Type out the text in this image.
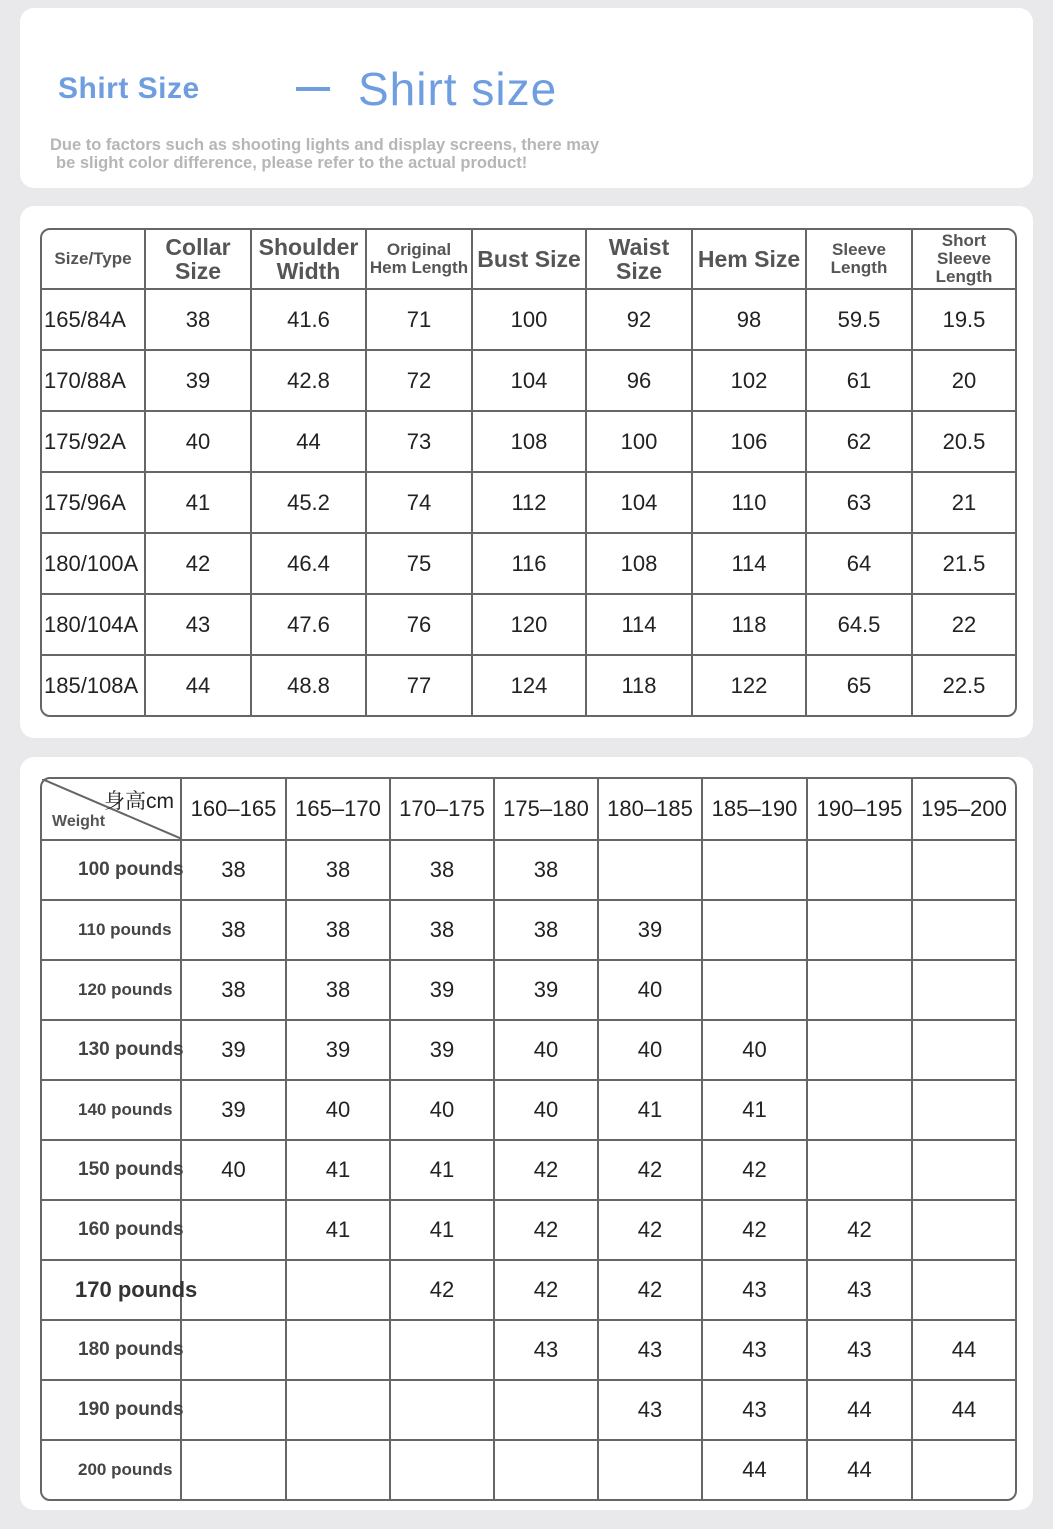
Shirt Size	Shirt size
Due to factors such as shooting lights and display screens, there may
be slight color difference, please refer to the actual product!
Size/Type	Collar Size	Shoulder Width	Original Hem Length	Bust Size	Waist Size	Hem Size	Sleeve Length	Short Sleeve Length
165/84A	38	41.6	71	100	92	98	59.5	19.5
170/88A	39	42.8	72	104	96	102	61	20
175/92A	40	44	73	108	100	106	62	20.5
175/96A	41	45.2	74	112	104	110	63	21
180/100A	42	46.4	75	116	108	114	64	21.5
180/104A	43	47.6	76	120	114	118	64.5	22
185/108A	44	48.8	77	124	118	122	65	22.5
身高cm
Weight	160–165	165–170	170–175	175–180	180–185	185–190	190–195	195–200
100 pounds	38	38	38	38				
110 pounds	38	38	38	38	39			
120 pounds	38	38	39	39	40			
130 pounds	39	39	39	40	40	40		
140 pounds	39	40	40	40	41	41		
150 pounds	40	41	41	42	42	42		
160 pounds		41	41	42	42	42	42	
170 pounds			42	42	42	43	43	
180 pounds				43	43	43	43	44
190 pounds					43	43	44	44
200 pounds						44	44	
